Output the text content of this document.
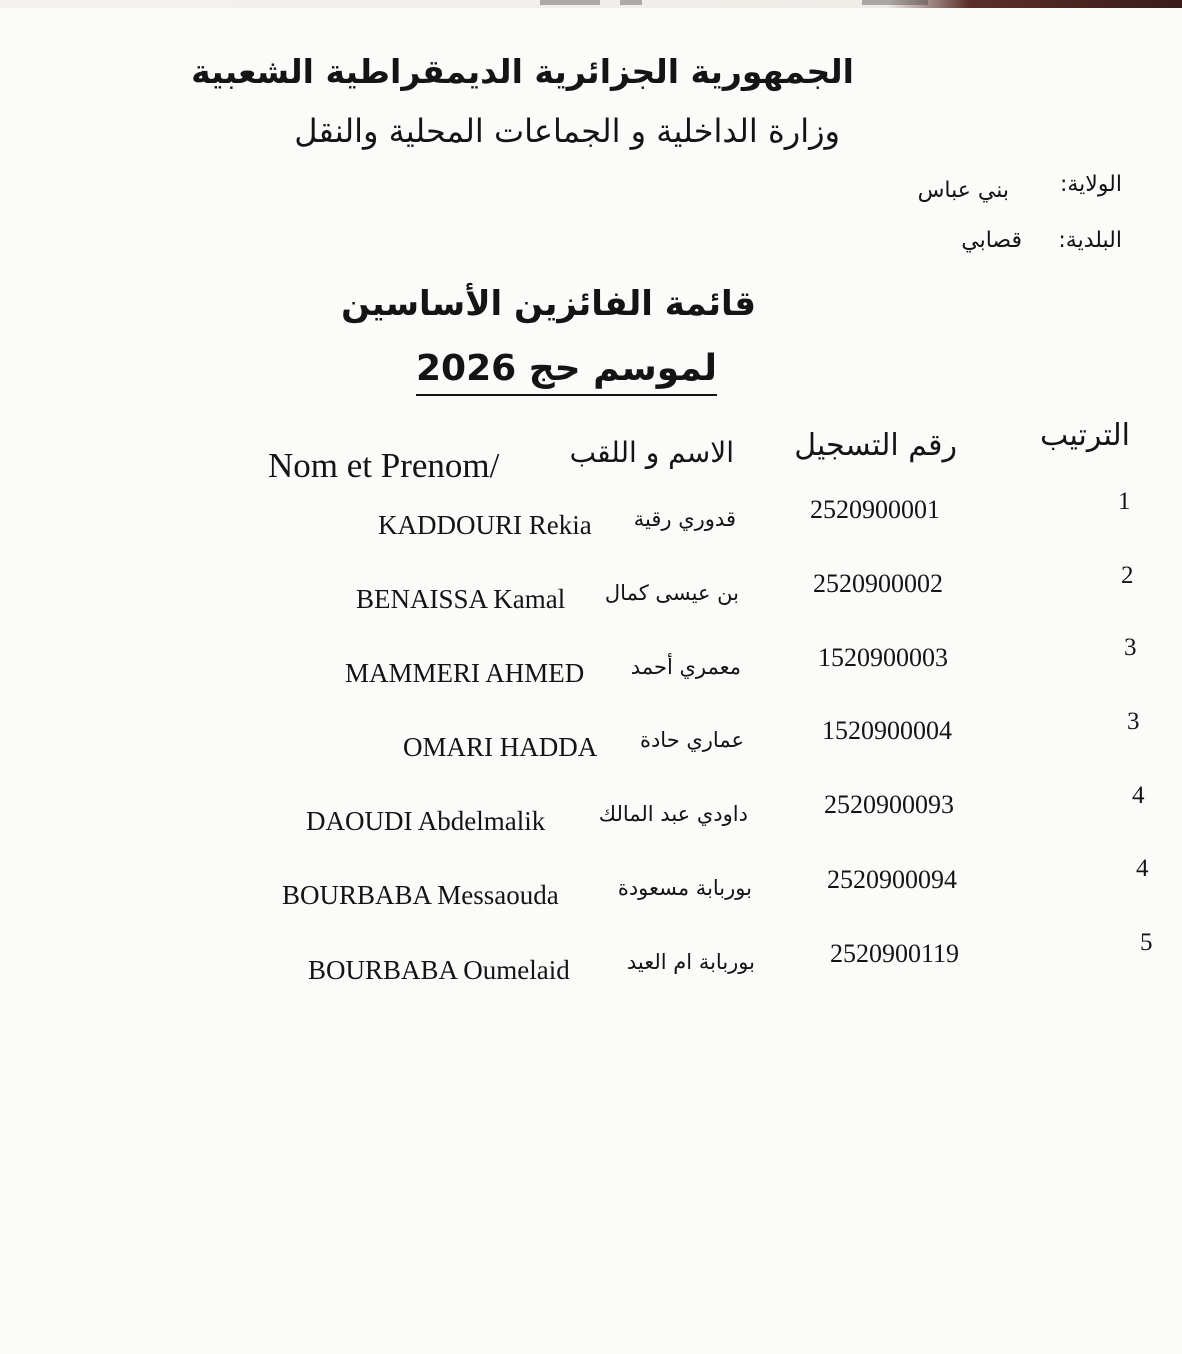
الجمهورية الجزائرية الديمقراطية الشعبية
وزارة الداخلية و الجماعات المحلية والنقل
الولاية:
بني عباس
البلدية:
قصابي
قائمة الفائزين الأساسين
لموسم حج 2026
الترتيب
رقم التسجيل
الاسم و اللقب
Nom et Prenom/
1
2520900001
قدوري رقية
KADDOURI Rekia
2
2520900002
بن عيسى كمال
BENAISSA Kamal
3
1520900003
معمري أحمد
MAMMERI AHMED
3
1520900004
عماري حادة
OMARI HADDA
4
2520900093
داودي عبد المالك
DAOUDI Abdelmalik
4
2520900094
بوربابة مسعودة
BOURBABA Messaouda
5
2520900119
بوربابة ام العيد
BOURBABA Oumelaid
